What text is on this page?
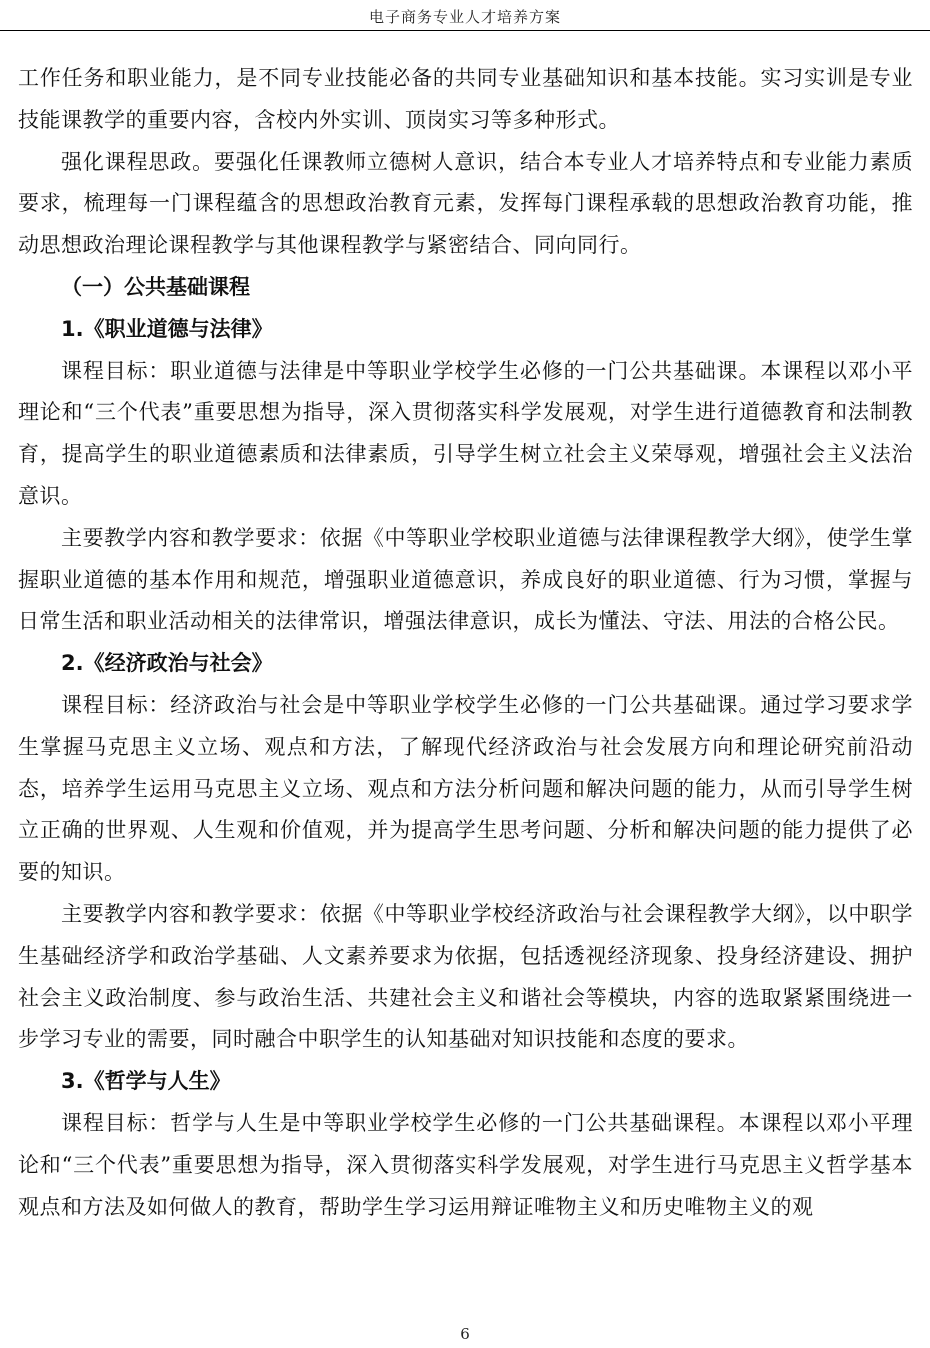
电子商务专业人才培养方案

工作任务和职业能力，是不同专业技能必备的共同专业基础知识和基本技能。实习实训是专业技能课教学的重要内容，含校内外实训、顶岗实习等多种形式。

强化课程思政。要强化任课教师立德树人意识，结合本专业人才培养特点和专业能力素质要求，梳理每一门课程蕴含的思想政治教育元素，发挥每门课程承载的思想政治教育功能，推动思想政治理论课程教学与其他课程教学与紧密结合、同向同行。

（一）公共基础课程

1.《职业道德与法律》

课程目标：职业道德与法律是中等职业学校学生必修的一门公共基础课。本课程以邓小平理论和“三个代表”重要思想为指导，深入贯彻落实科学发展观，对学生进行道德教育和法制教育，提高学生的职业道德素质和法律素质，引导学生树立社会主义荣辱观，增强社会主义法治意识。

主要教学内容和教学要求：依据《中等职业学校职业道德与法律课程教学大纲》，使学生掌握职业道德的基本作用和规范，增强职业道德意识，养成良好的职业道德、行为习惯，掌握与日常生活和职业活动相关的法律常识，增强法律意识，成长为懂法、守法、用法的合格公民。

2.《经济政治与社会》

课程目标：经济政治与社会是中等职业学校学生必修的一门公共基础课。通过学习要求学生掌握马克思主义立场、观点和方法，了解现代经济政治与社会发展方向和理论研究前沿动态，培养学生运用马克思主义立场、观点和方法分析问题和解决问题的能力，从而引导学生树立正确的世界观、人生观和价值观，并为提高学生思考问题、分析和解决问题的能力提供了必要的知识。

主要教学内容和教学要求：依据《中等职业学校经济政治与社会课程教学大纲》，以中职学生基础经济学和政治学基础、人文素养要求为依据，包括透视经济现象、投身经济建设、拥护社会主义政治制度、参与政治生活、共建社会主义和谐社会等模块，内容的选取紧紧围绕进一步学习专业的需要，同时融合中职学生的认知基础对知识技能和态度的要求。

3.《哲学与人生》

课程目标：哲学与人生是中等职业学校学生必修的一门公共基础课程。本课程以邓小平理论和“三个代表”重要思想为指导，深入贯彻落实科学发展观，对学生进行马克思主义哲学基本观点和方法及如何做人的教育，帮助学生学习运用辩证唯物主义和历史唯物主义的观

6
